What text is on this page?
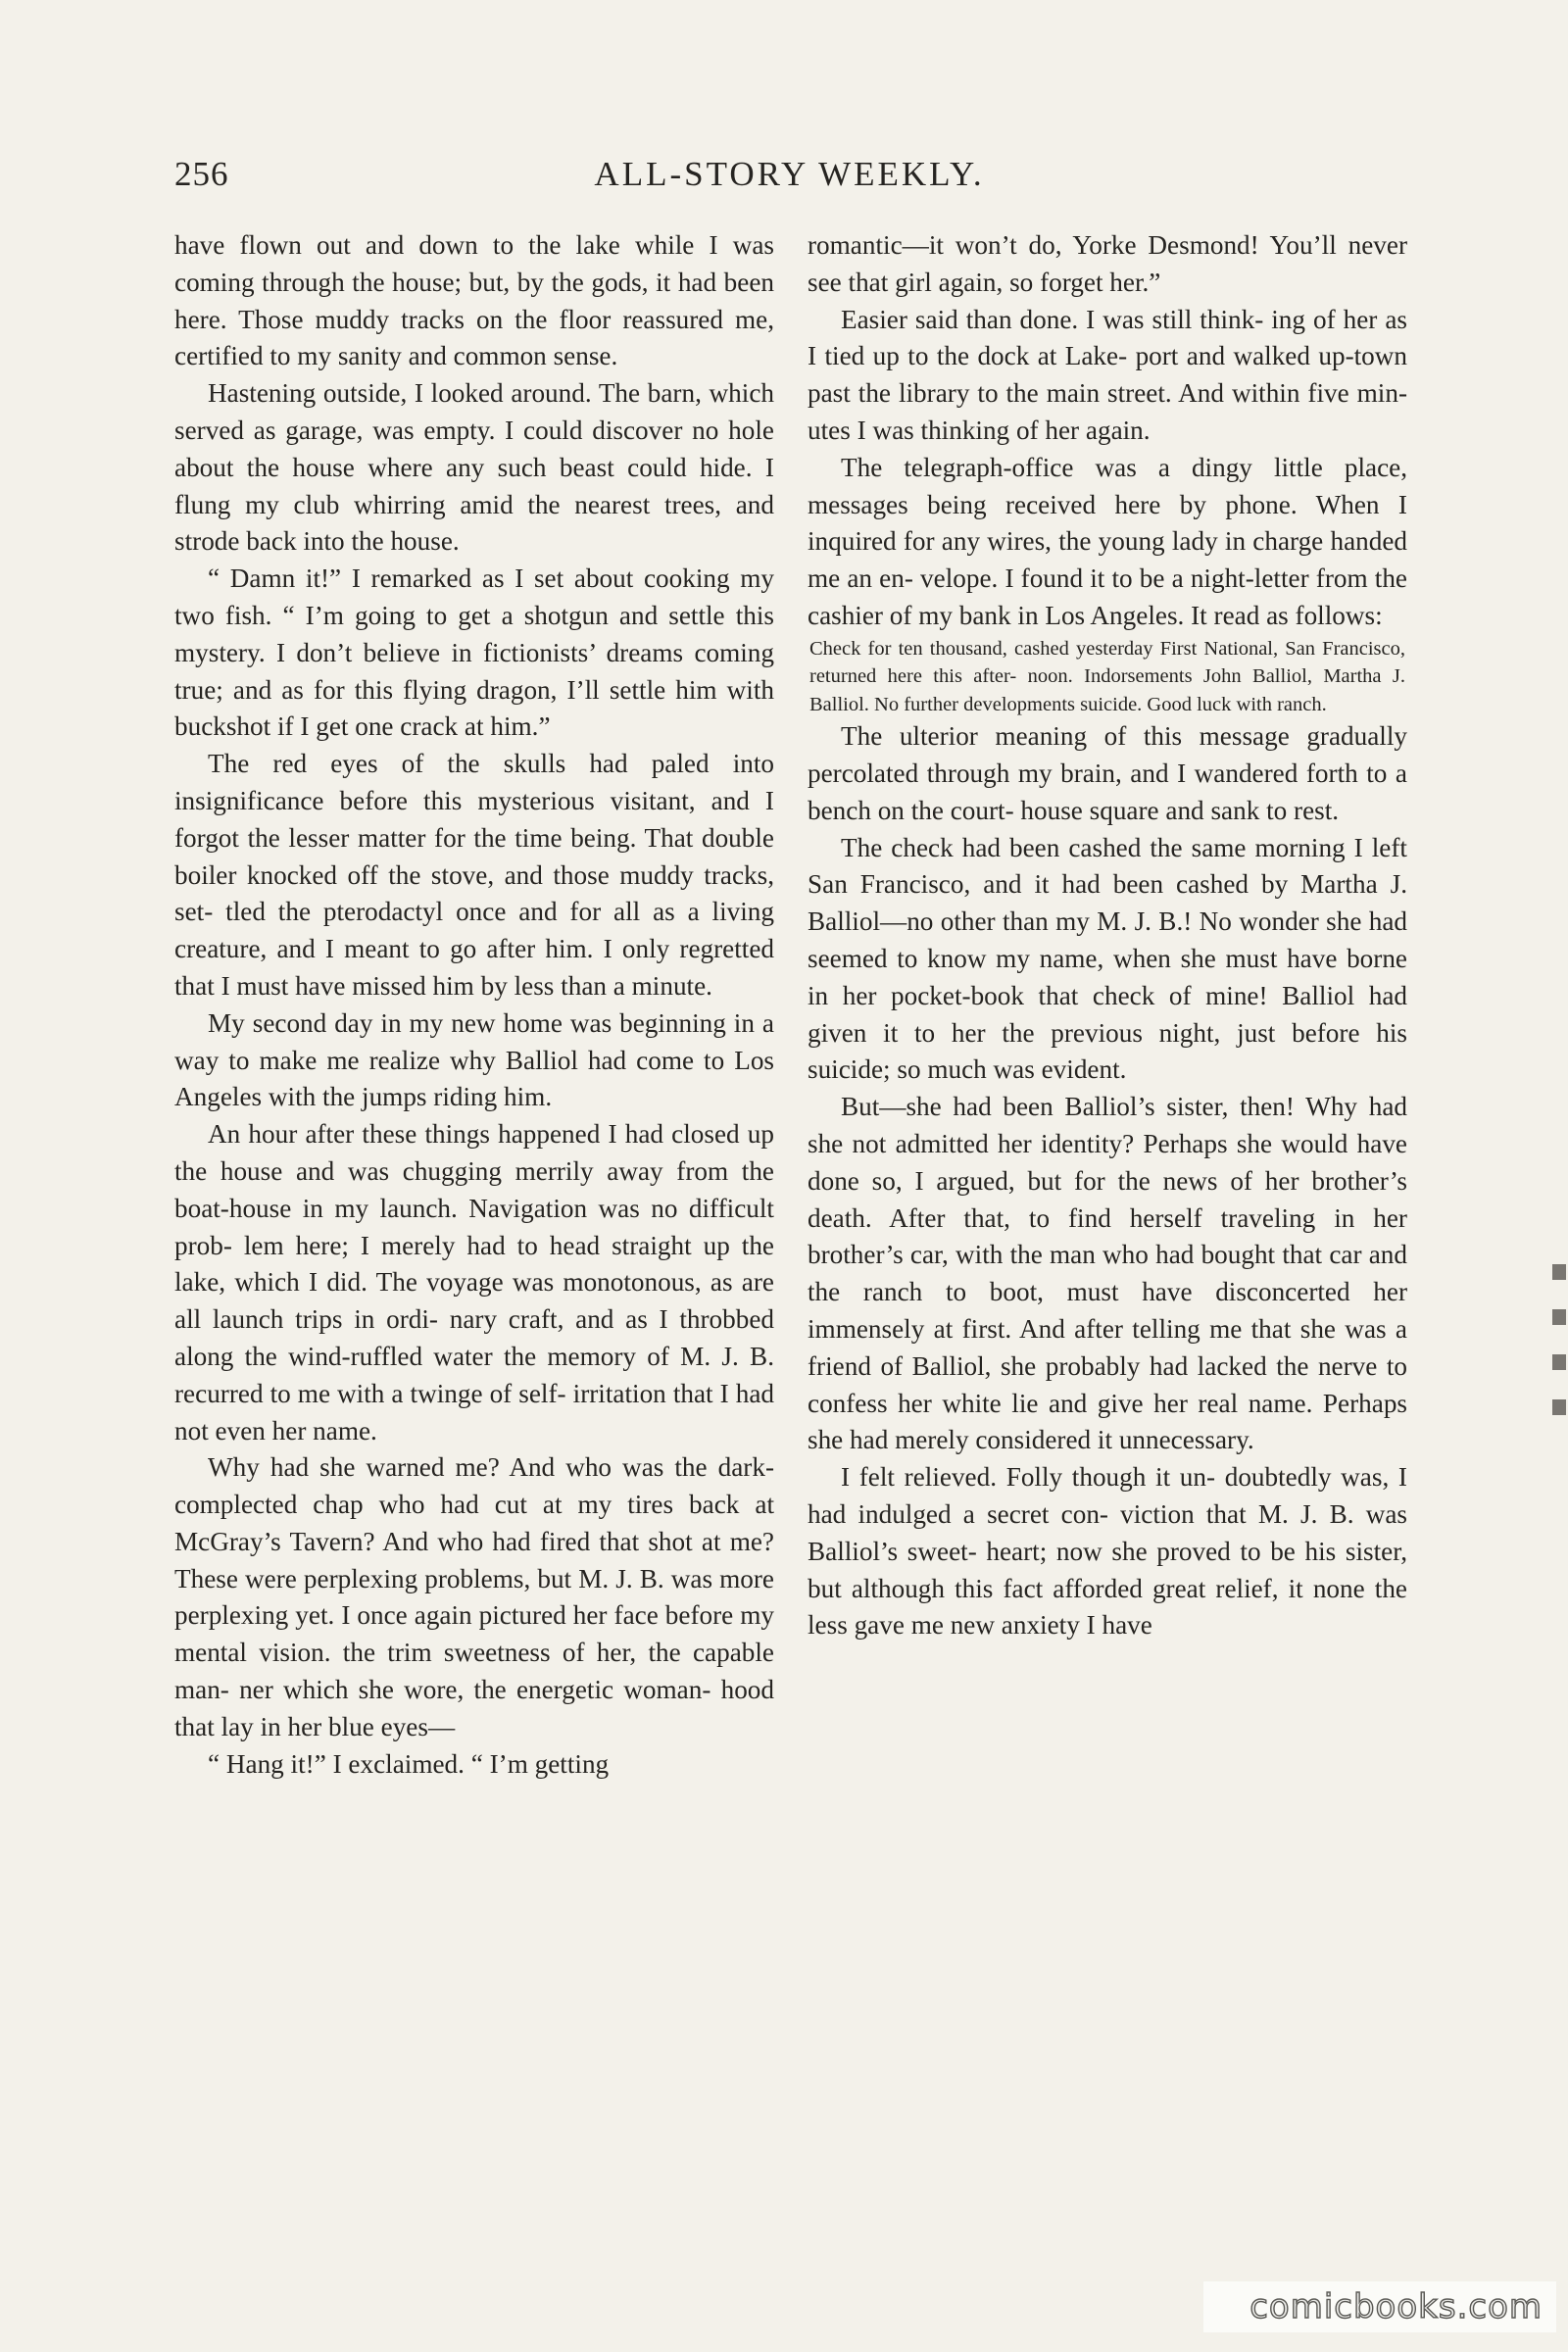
256	ALL-STORY WEEKLY.

have flown out and down to the lake while I was coming through the house; but, by the gods, it had been here. Those muddy tracks on the floor reassured me, certified to my sanity and common sense.

Hastening outside, I looked around. The barn, which served as garage, was empty. I could discover no hole about the house where any such beast could hide. I flung my club whirring amid the nearest trees, and strode back into the house.

“ Damn it!” I remarked as I set about cooking my two fish. “ I’m going to get a shotgun and settle this mystery. I don’t believe in fictionists’ dreams coming true; and as for this flying dragon, I’ll settle him with buckshot if I get one crack at him.”

The red eyes of the skulls had paled into insignificance before this mysterious visitant, and I forgot the lesser matter for the time being. That double boiler knocked off the stove, and those muddy tracks, set- tled the pterodactyl once and for all as a living creature, and I meant to go after him. I only regretted that I must have missed him by less than a minute.

My second day in my new home was beginning in a way to make me realize why Balliol had come to Los Angeles with the jumps riding him.

An hour after these things happened I had closed up the house and was chugging merrily away from the boat-house in my launch. Navigation was no difficult prob- lem here; I merely had to head straight up the lake, which I did. The voyage was monotonous, as are all launch trips in ordi- nary craft, and as I throbbed along the wind-ruffled water the memory of M. J. B. recurred to me with a twinge of self- irritation that I had not even her name.

Why had she warned me? And who was the dark-complected chap who had cut at my tires back at McGray’s Tavern? And who had fired that shot at me? These were perplexing problems, but M. J. B. was more perplexing yet. I once again pictured her face before my mental vision. the trim sweetness of her, the capable man- ner which she wore, the energetic woman- hood that lay in her blue eyes—

“ Hang it!” I exclaimed. “ I’m getting

romantic—it won’t do, Yorke Desmond! You’ll never see that girl again, so forget her.”

Easier said than done. I was still think- ing of her as I tied up to the dock at Lake- port and walked up-town past the library to the main street. And within five min- utes I was thinking of her again.

The telegraph-office was a dingy little place, messages being received here by phone. When I inquired for any wires, the young lady in charge handed me an en- velope. I found it to be a night-letter from the cashier of my bank in Los Angeles. It read as follows:

Check for ten thousand, cashed yesterday First National, San Francisco, returned here this after- noon. Indorsements John Balliol, Martha J. Balliol. No further developments suicide. Good luck with ranch.

The ulterior meaning of this message gradually percolated through my brain, and I wandered forth to a bench on the court- house square and sank to rest.

The check had been cashed the same morning I left San Francisco, and it had been cashed by Martha J. Balliol—no other than my M. J. B.! No wonder she had seemed to know my name, when she must have borne in her pocket-book that check of mine! Balliol had given it to her the previous night, just before his suicide; so much was evident.

But—she had been Balliol’s sister, then! Why had she not admitted her identity? Perhaps she would have done so, I argued, but for the news of her brother’s death. After that, to find herself traveling in her brother’s car, with the man who had bought that car and the ranch to boot, must have disconcerted her immensely at first. And after telling me that she was a friend of Balliol, she probably had lacked the nerve to confess her white lie and give her real name. Perhaps she had merely considered it unnecessary.

I felt relieved. Folly though it un- doubtedly was, I had indulged a secret con- viction that M. J. B. was Balliol’s sweet- heart; now she proved to be his sister, but although this fact afforded great relief, it none the less gave me new anxiety I have

comicbooks.com
